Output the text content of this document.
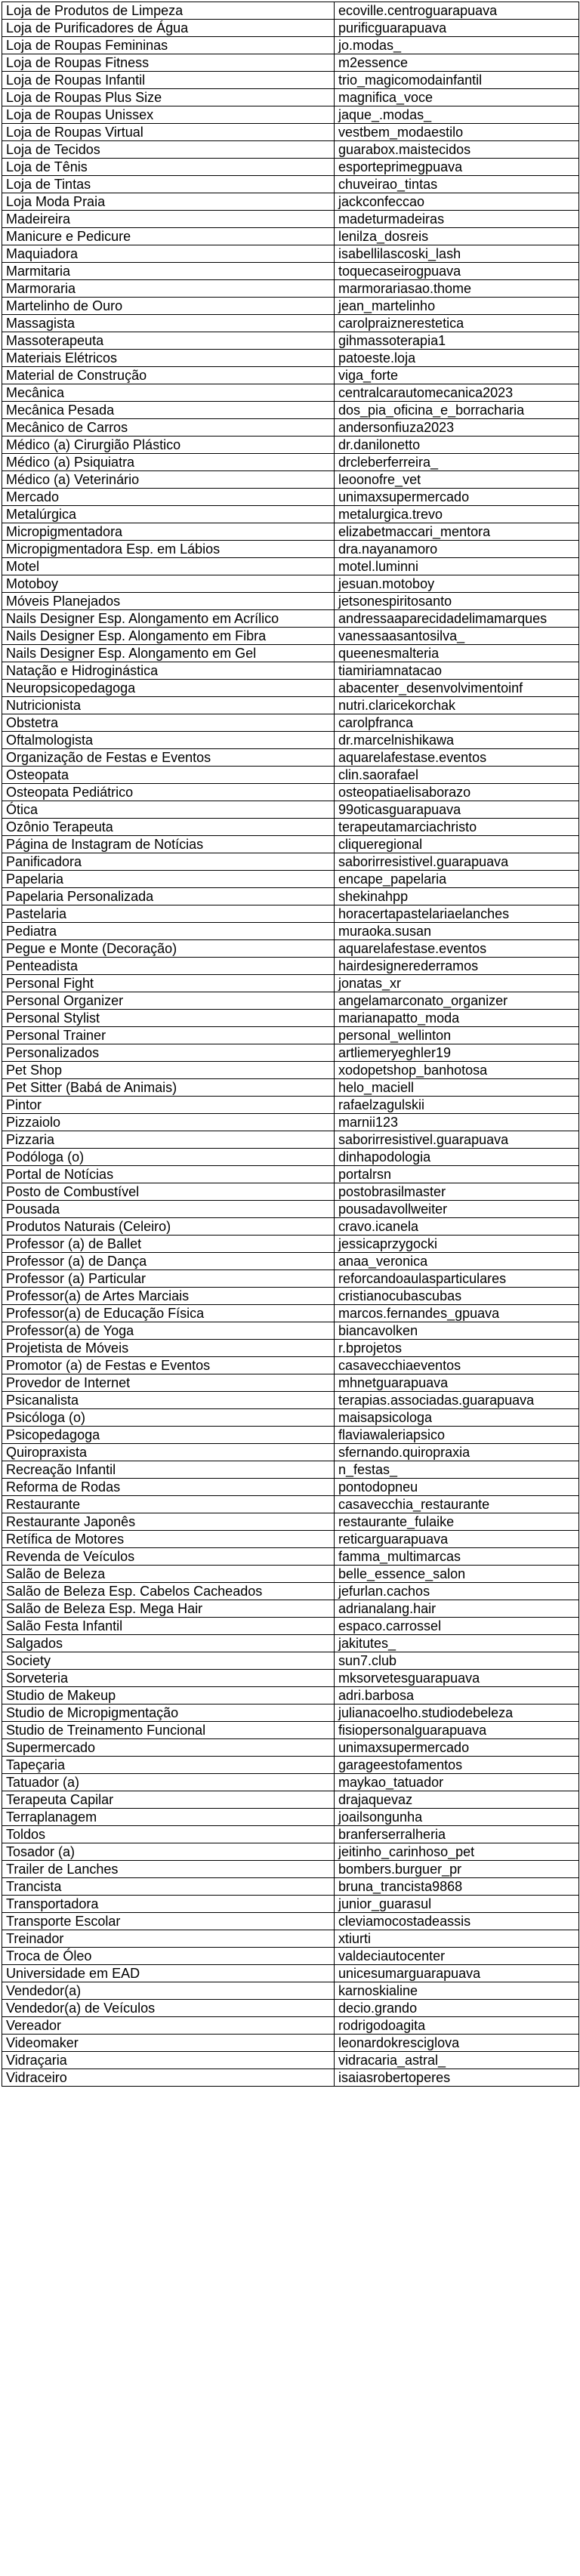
Loja de Produtos de Limpeza	ecoville.centroguarapuava
Loja de Purificadores de Água	purificguarapuava
Loja de Roupas Femininas	jo.modas_
Loja de Roupas Fitness	m2essence
Loja de Roupas Infantil	trio_magicomodainfantil
Loja de Roupas Plus Size	magnifica_voce
Loja de Roupas Unissex	jaque_.modas_
Loja de Roupas Virtual	vestbem_modaestilo
Loja de Tecidos	guarabox.maistecidos
Loja de Tênis	esporteprimegpuava
Loja de Tintas	chuveirao_tintas
Loja Moda Praia	jackconfeccao
Madeireira	madeturmadeiras
Manicure e Pedicure	lenilza_dosreis
Maquiadora	isabellilascoski_lash
Marmitaria	toquecaseirogpuava
Marmoraria	marmorariasao.thome
Martelinho de Ouro	jean_martelinho
Massagista	carolpraiznerestetica
Massoterapeuta	gihmassoterapia1
Materiais Elétricos	patoeste.loja
Material de Construção	viga_forte
Mecânica	centralcarautomecanica2023
Mecânica Pesada	dos_pia_oficina_e_borracharia
Mecânico de Carros	andersonfiuza2023
Médico (a) Cirurgião Plástico	dr.danilonetto
Médico (a) Psiquiatra	drcleberferreira_
Médico (a) Veterinário	leoonofre_vet
Mercado	unimaxsupermercado
Metalúrgica	metalurgica.trevo
Micropigmentadora	elizabetmaccari_mentora
Micropigmentadora Esp. em Lábios	dra.nayanamoro
Motel	motel.luminni
Motoboy	jesuan.motoboy
Móveis Planejados	jetsonespiritosanto
Nails Designer Esp. Alongamento em Acrílico	andressaaparecidadelimamarques
Nails Designer Esp. Alongamento em Fibra	vanessaasantosilva_
Nails Designer Esp. Alongamento em Gel	queenesmalteria
Natação e Hidroginástica	tiamiriamnatacao
Neuropsicopedagoga	abacenter_desenvolvimentoinf
Nutricionista	nutri.claricekorchak
Obstetra	carolpfranca
Oftalmologista	dr.marcelnishikawa
Organização de Festas e Eventos	aquarelafestase.eventos
Osteopata	clin.saorafael
Osteopata Pediátrico	osteopatiaelisaborazo
Ótica	99oticasguarapuava
Ozônio Terapeuta	terapeutamarciachristo
Página de Instagram de Notícias	cliqueregional
Panificadora	saborirresistivel.guarapuava
Papelaria	encape_papelaria
Papelaria Personalizada	shekinahpp
Pastelaria	horacertapastelariaelanches
Pediatra	muraoka.susan
Pegue e Monte (Decoração)	aquarelafestase.eventos
Penteadista	hairdesignerederramos
Personal Fight	jonatas_xr
Personal Organizer	angelamarconato_organizer
Personal Stylist	marianapatto_moda
Personal Trainer	personal_wellinton
Personalizados	artliemeryeghler19
Pet Shop	xodopetshop_banhotosa
Pet Sitter (Babá de Animais)	helo_maciell
Pintor	rafaelzagulskii
Pizzaiolo	marnii123
Pizzaria	saborirresistivel.guarapuava
Podóloga (o)	dinhapodologia
Portal de Notícias	portalrsn
Posto de Combustível	postobrasilmaster
Pousada	pousadavollweiter
Produtos Naturais (Celeiro)	cravo.icanela
Professor (a) de Ballet	jessicaprzygocki
Professor (a) de Dança	anaa_veronica
Professor (a) Particular	reforcandoaulasparticulares
Professor(a) de Artes Marciais	cristianocubascubas
Professor(a) de Educação Física	marcos.fernandes_gpuava
Professor(a) de Yoga	biancavolken
Projetista de Móveis	r.bprojetos
Promotor (a) de Festas e Eventos	casavecchiaeventos
Provedor de Internet	mhnetguarapuava
Psicanalista	terapias.associadas.guarapuava
Psicóloga (o)	maisapsicologa
Psicopedagoga	flaviawaleriapsico
Quiropraxista	sfernando.quiropraxia
Recreação Infantil	n_festas_
Reforma de Rodas	pontodopneu
Restaurante	casavecchia_restaurante
Restaurante Japonês	restaurante_fulaike
Retífica de Motores	reticarguarapuava
Revenda de Veículos	famma_multimarcas
Salão de Beleza	belle_essence_salon
Salão de Beleza Esp. Cabelos Cacheados	jefurlan.cachos
Salão de Beleza Esp. Mega Hair	adrianalang.hair
Salão Festa Infantil	espaco.carrossel
Salgados	jakitutes_
Society	sun7.club
Sorveteria	mksorvetesguarapuava
Studio de Makeup	adri.barbosa
Studio de Micropigmentação	julianacoelho.studiodebeleza
Studio de Treinamento Funcional	fisiopersonalguarapuava
Supermercado	unimaxsupermercado
Tapeçaria	garageestofamentos
Tatuador (a)	maykao_tatuador
Terapeuta Capilar	drajaquevaz
Terraplanagem	joailsongunha
Toldos	branferserralheria
Tosador (a)	jeitinho_carinhoso_pet
Trailer de Lanches	bombers.burguer_pr
Trancista	bruna_trancista9868
Transportadora	junior_guarasul
Transporte Escolar	cleviamocostadeassis
Treinador	xtiurti
Troca de Óleo	valdeciautocenter
Universidade em EAD	unicesumarguarapuava
Vendedor(a)	karnoskialine
Vendedor(a) de Veículos	decio.grando
Vereador	rodrigodoagita
Videomaker	leonardokresciglova
Vidraçaria	vidracaria_astral_
Vidraceiro	isaiasrobertoperes
